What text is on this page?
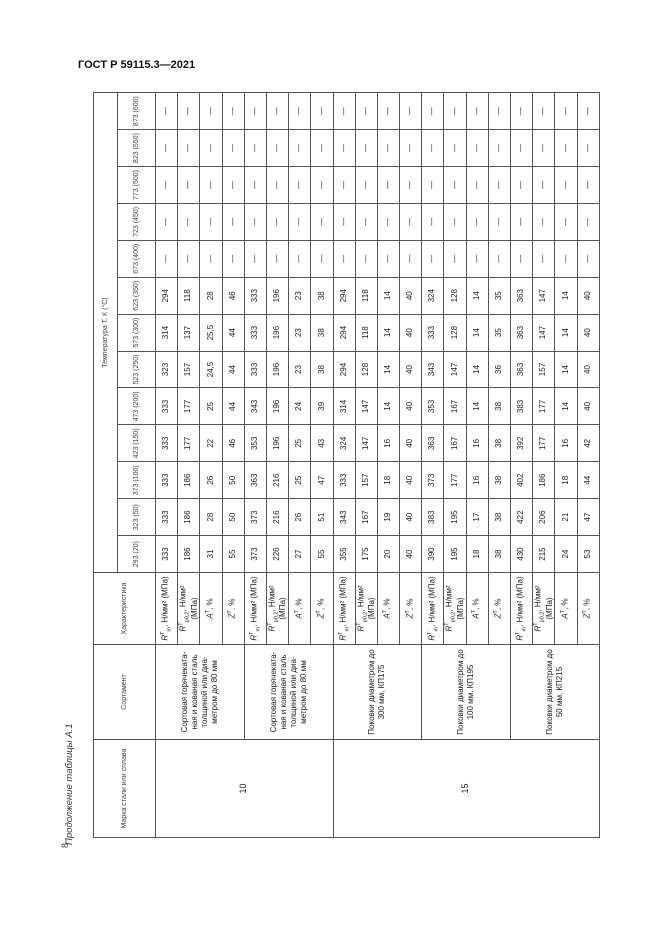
ГОСТ Р 59115.3—2021
8
Продолжение таблицы А.1	Марка стали или сплава	Сортамент	Характеристика	Температура T, К (°С)												
			293 (20)	323 (50)	373 (100)	423 (150)	473 (200)	523 (250)	573 (300)	623 (350)	673 (400)	723 (450)	773 (500)	823 (550)	873 (600)
10	Сортовая горячеката-ная и кованая сталь толщиной или диа-метром до 80 мм	$R^T_m$, Н/мм² (МПа)	333	333	333	333	333	323	314	294	—	—	—	—	—
		$R^T_{p0,2}$, Н/мм² (МПа)	186	186	186	177	177	157	137	118	—	—	—	—	—
		$A^T$, %	31	28	26	22	25	24,5	25,5	28	—	—	—	—	—
		$Z^T$, %	55	50	50	46	44	44	44	46	—	—	—	—	—
	Сортовая горячеката-ная и кованая сталь толщиной или диа-метром до 80 мм	$R^T_m$, Н/мм² (МПа)	373	373	363	353	343	333	333	333	—	—	—	—	—
		$R^T_{p0,2}$, Н/мм² (МПа)	226	216	216	196	196	196	196	196	—	—	—	—	—
		$A^T$, %	27	26	25	25	24	23	23	23	—	—	—	—	—
		$Z^T$, %	55	51	47	43	39	38	38	38	—	—	—	—	—
15	Поковки диаметром до 300 мм, КП175	$R^T_m$, Н/мм² (МПа)	355	343	333	324	314	294	294	294	—	—	—	—	—
		$R^T_{p0,2}$, Н/мм² (МПа)	175	167	157	147	147	128	118	118	—	—	—	—	—
		$A^T$, %	20	19	18	16	14	14	14	14	—	—	—	—	—
		$Z^T$, %	40	40	40	40	40	40	40	40	—	—	—	—	—
	Поковки диаметром до 100 мм, КП195	$R^T_m$, Н/мм² (МПа)	390	383	373	363	353	343	333	324	—	—	—	—	—
		$R^T_{p0,2}$, Н/мм² (МПа)	195	195	177	167	167	147	128	128	—	—	—	—	—
		$A^T$, %	18	17	16	16	14	14	14	14	—	—	—	—	—
		$Z^T$, %	38	38	38	38	38	36	35	35	—	—	—	—	—
	Поковки диаметром до 50 мм, КП215	$R^T_m$, Н/мм² (МПа)	430	422	402	392	383	363	363	363	—	—	—	—	—
		$R^T_{p0,2}$, Н/мм² (МПа)	215	206	186	177	177	157	147	147	—	—	—	—	—
		$A^T$, %	24	21	18	16	14	14	14	14	—	—	—	—	—
		$Z^T$, %	53	47	44	42	40	40	40	40	—	—	—	—	—
